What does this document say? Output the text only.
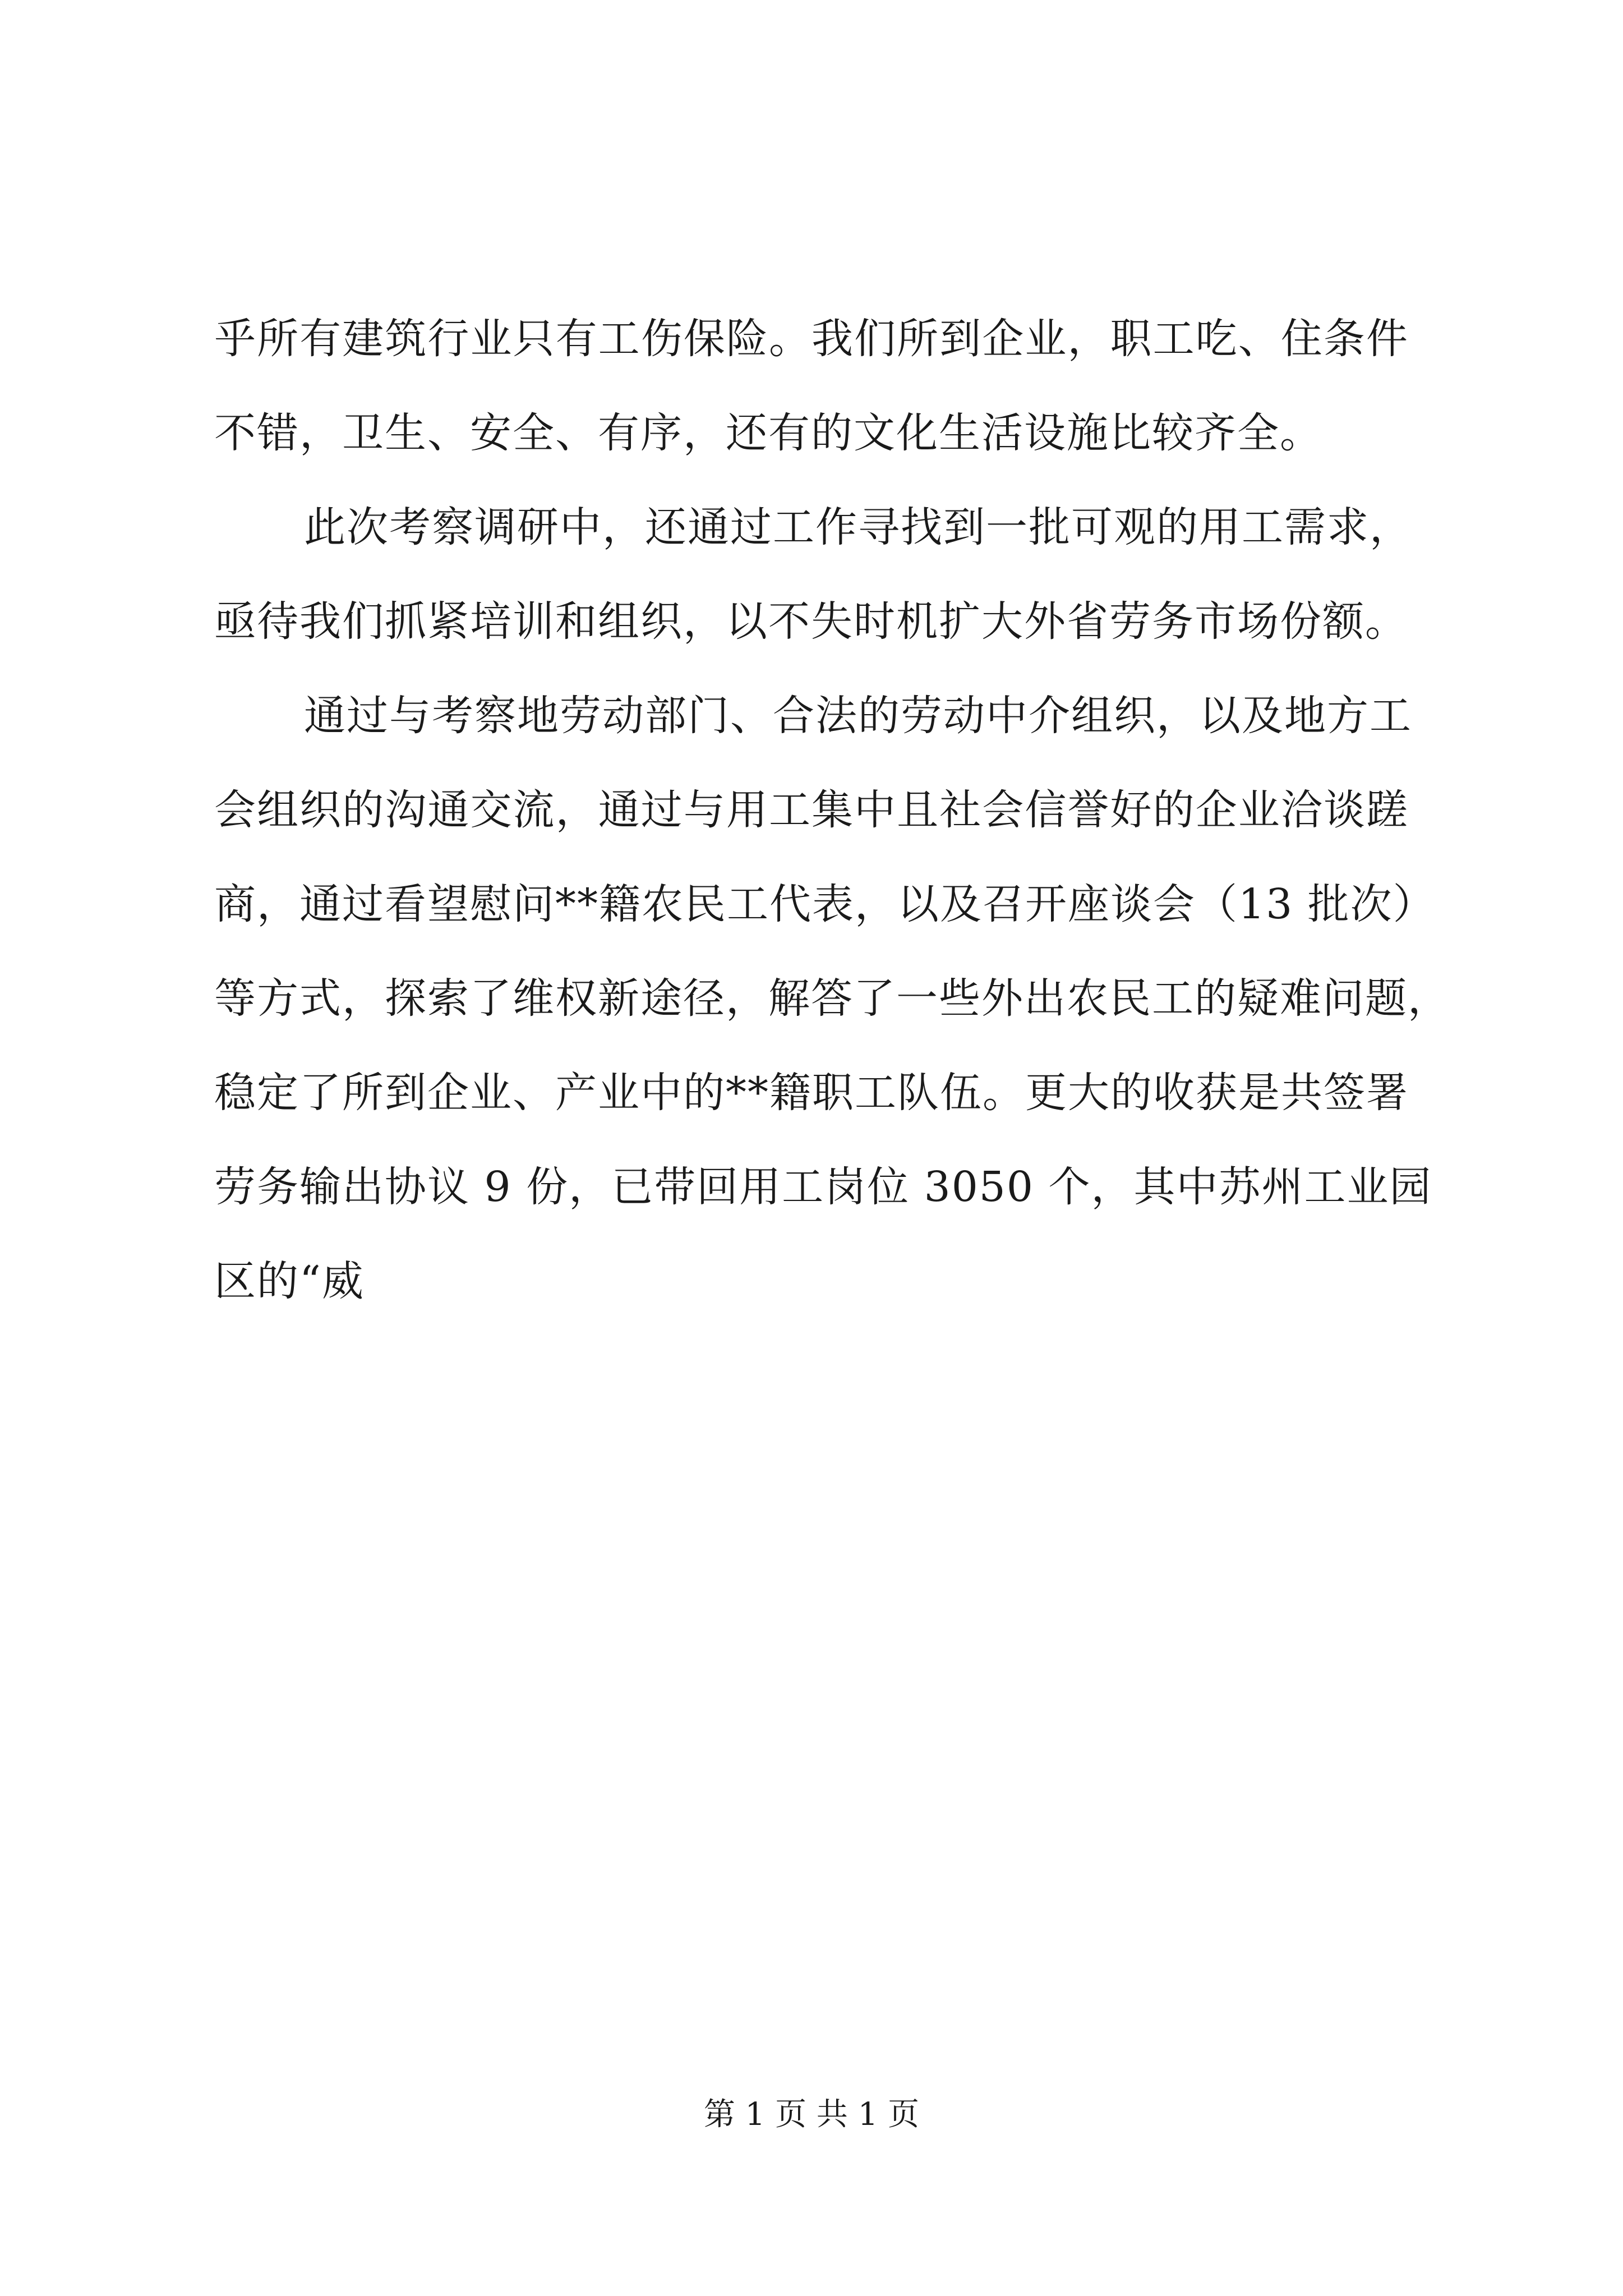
乎所有建筑行业只有工伤保险。我们所到企业，职工吃、住条件
不错，卫生、安全、有序，还有的文化生活设施比较齐全。
此次考察调研中，还通过工作寻找到一批可观的用工需求，
亟待我们抓紧培训和组织，以不失时机扩大外省劳务市场份额。
通过与考察地劳动部门、合法的劳动中介组织，以及地方工
会组织的沟通交流，通过与用工集中且社会信誉好的企业洽谈蹉
商，通过看望慰问**籍农民工代表，以及召开座谈会（13 批次）
等方式，探索了维权新途径，解答了一些外出农民工的疑难问题，
稳定了所到企业、产业中的**籍职工队伍。更大的收获是共签署
劳务输出协议 9 份，已带回用工岗位 3050 个，其中苏州工业园
区的“威
第 1 页 共 1 页
